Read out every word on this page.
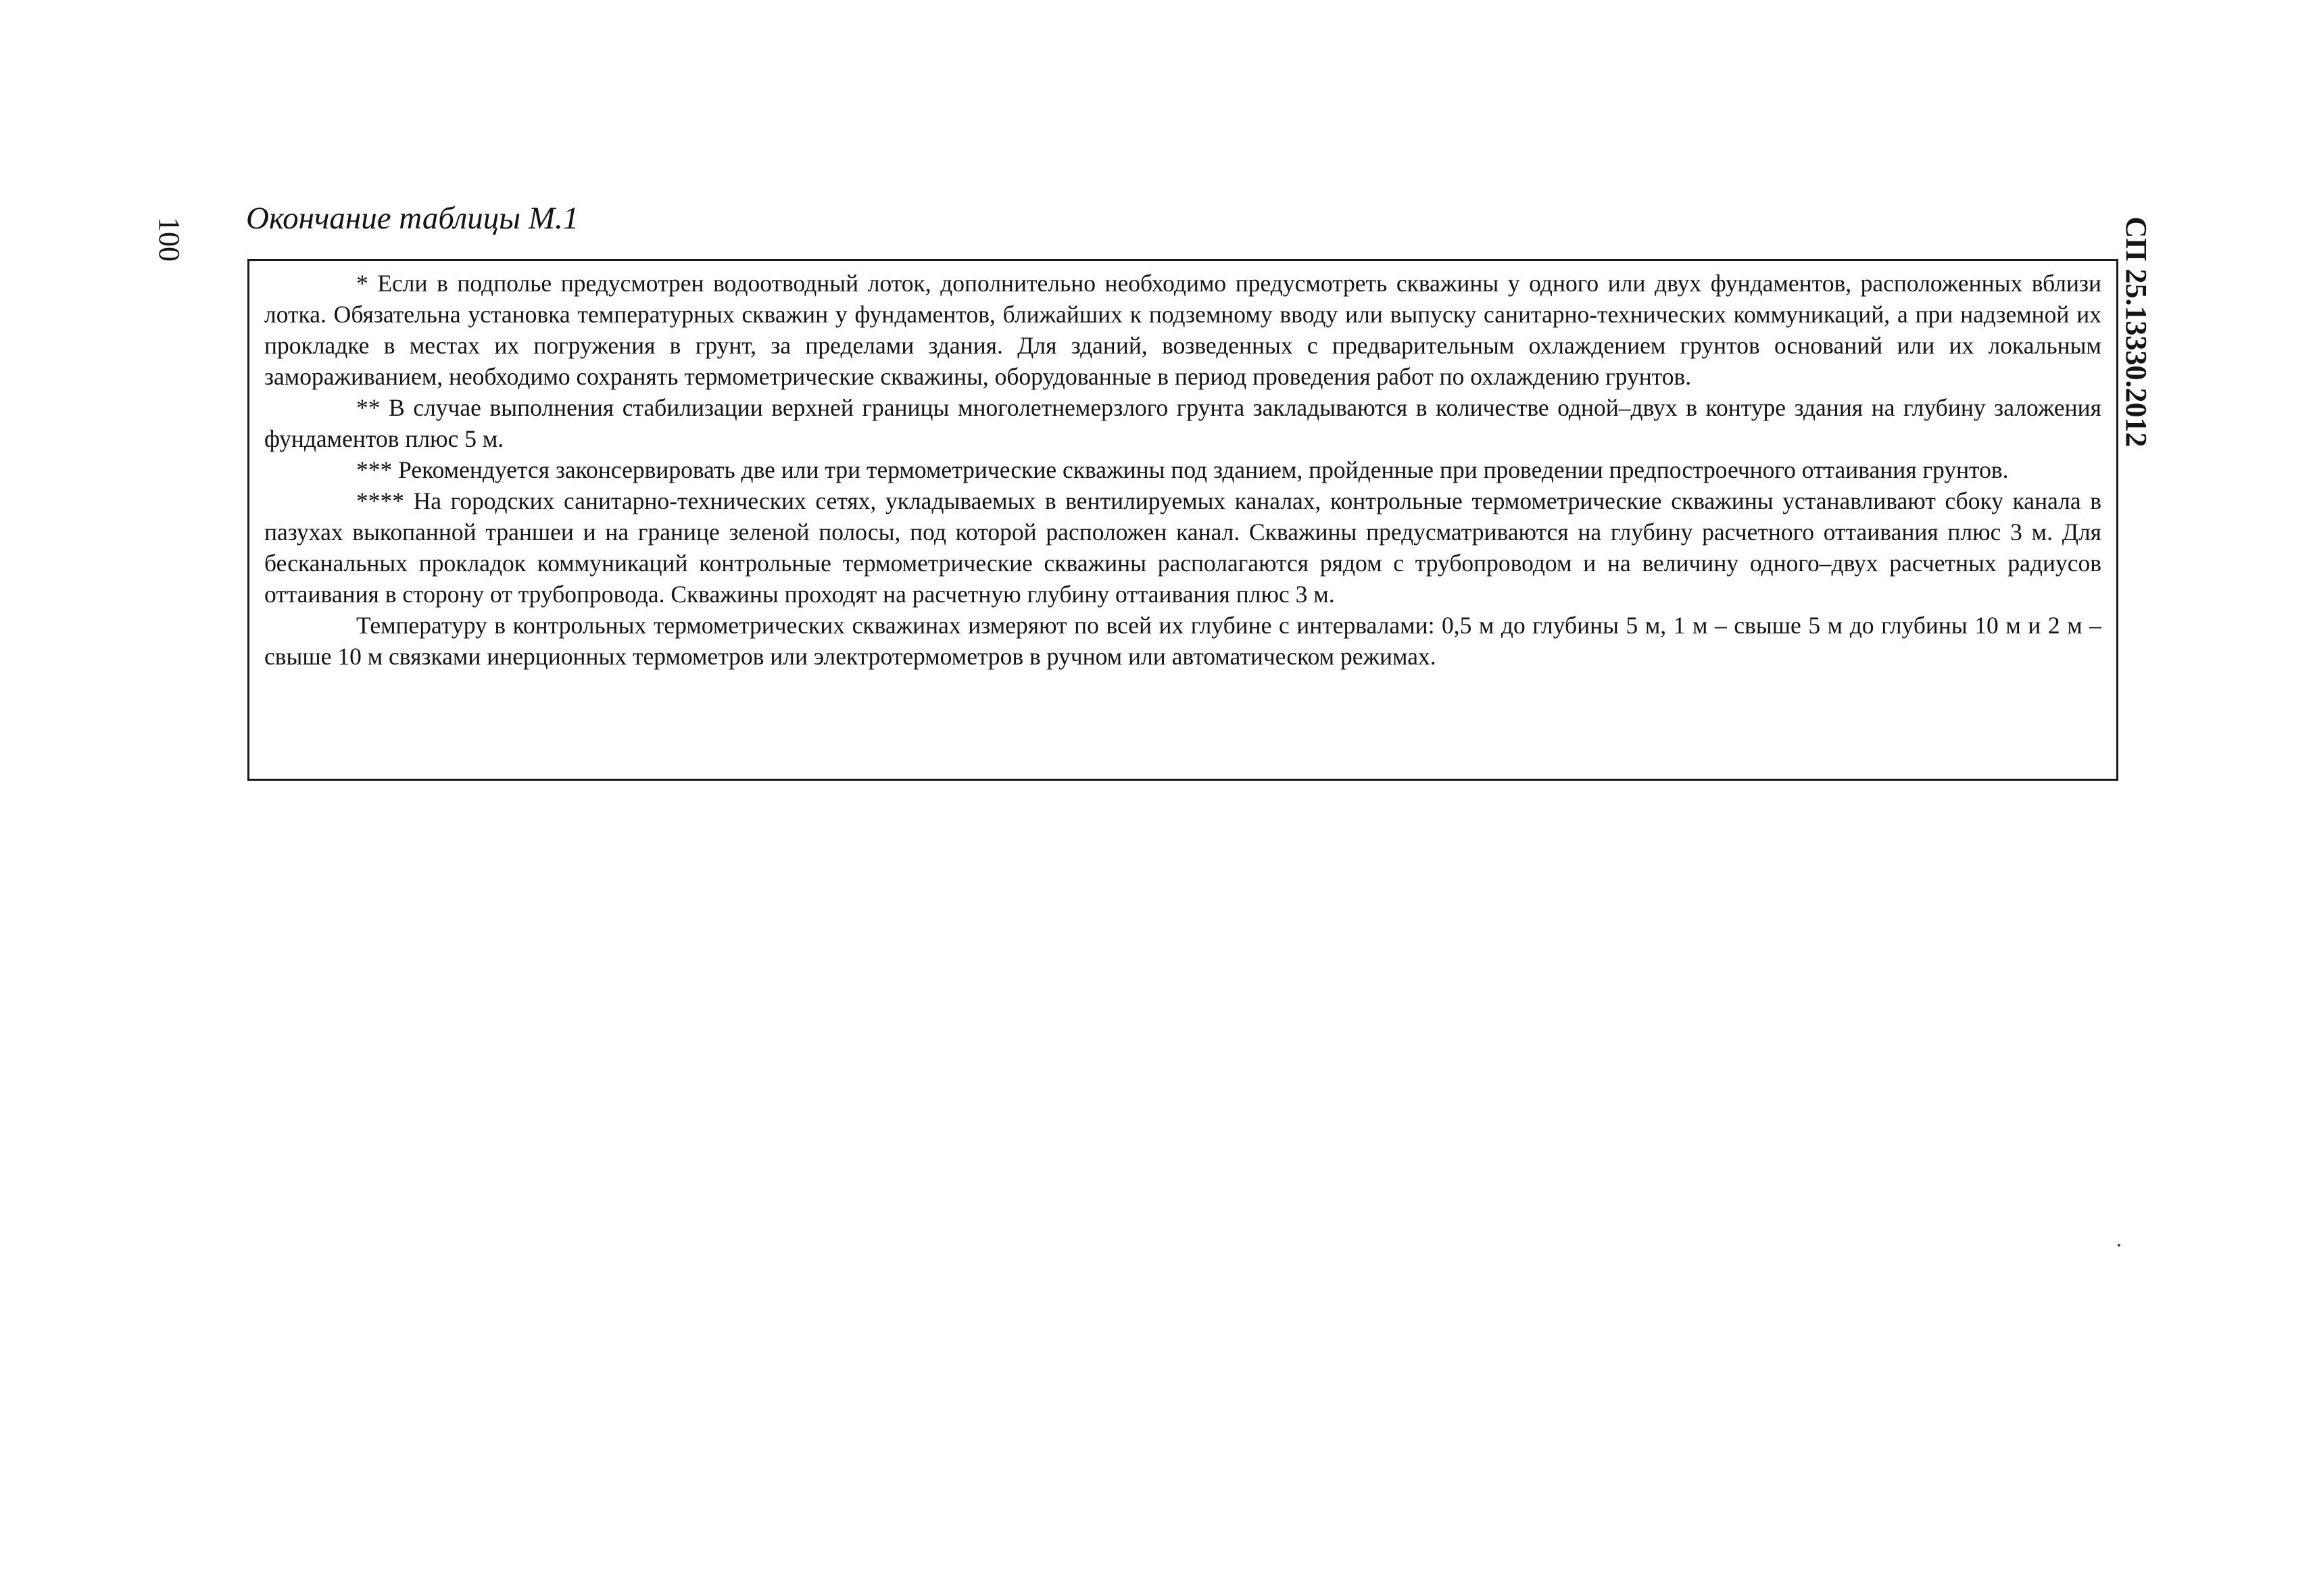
100	СП 25.13330.2012
Окончание таблицы М.1

* Если в подполье предусмотрен водоотводный лоток, дополнительно необходимо предусмотреть скважины у одного или двух фундаментов, расположенных вблизи лотка. Обязательна установка температурных скважин у фундаментов, ближайших к подземному вводу или выпуску санитарно-технических коммуникаций, а при надземной их прокладке в местах их погружения в грунт, за пределами здания. Для зданий, возведенных с предварительным охлаждением грунтов оснований или их локальным замораживанием, необходимо сохранять термометрические скважины, оборудованные в период проведения работ по охлаждению грунтов.

** В случае выполнения стабилизации верхней границы многолетнемерзлого грунта закладываются в количестве одной–двух в контуре здания на глубину заложения фундаментов плюс 5 м.

*** Рекомендуется законсервировать две или три термометрические скважины под зданием, пройденные при проведении предпостроечного оттаивания грунтов.

**** На городских санитарно-технических сетях, укладываемых в вентилируемых каналах, контрольные термометрические скважины устанавливают сбоку канала в пазухах выкопанной траншеи и на границе зеленой полосы, под которой расположен канал. Скважины предусматриваются на глубину расчетного оттаивания плюс 3 м. Для бесканальных прокладок коммуникаций контрольные термометрические скважины располагаются рядом с трубопроводом и на величину одного–двух расчетных радиусов оттаивания в сторону от трубопровода. Скважины проходят на расчетную глубину оттаивания плюс 3 м.

Температуру в контрольных термометрических скважинах измеряют по всей их глубине с интервалами: 0,5 м до глубины 5 м, 1 м – свыше 5 м до глубины 10 м и 2 м – свыше 10 м связками инерционных термометров или электротермометров в ручном или автоматическом режимах.
